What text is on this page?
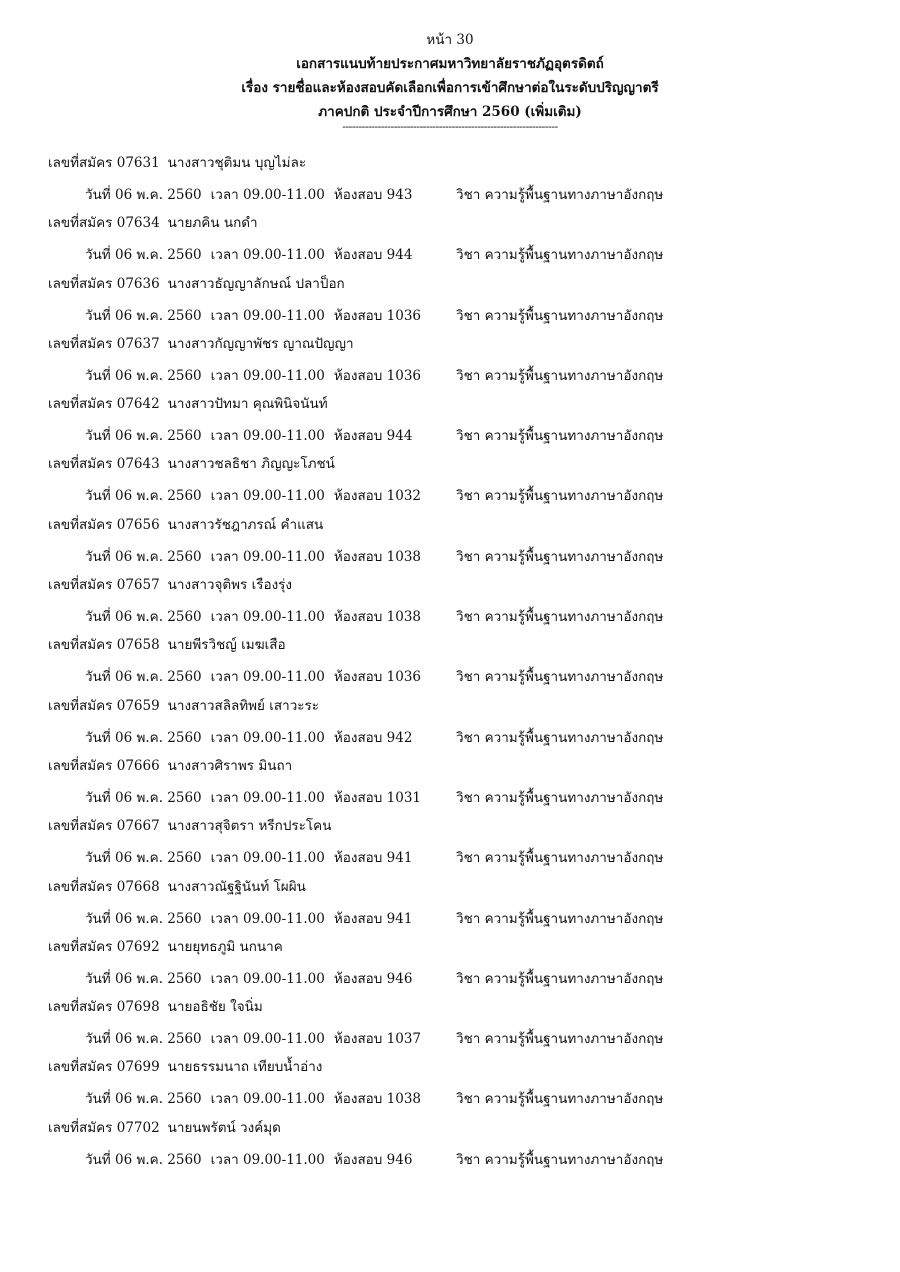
หน้า 30
เอกสารแนบท้ายประกาศมหาวิทยาลัยราชภัฏอุตรดิตถ์
เรื่อง รายชื่อและห้องสอบคัดเลือกเพื่อการเข้าศึกษาต่อในระดับปริญญาตรี
ภาคปกติ ประจำปีการศึกษา 2560 (เพิ่มเติม)
-------------------------------------------------------------------
เลขที่สมัคร 07631 นางสาวชุติมน บุญไม่ละ
วันที่ 06 พ.ค. 2560 เวลา 09.00-11.00 ห้องสอบ 943	วิชา ความรู้พื้นฐานทางภาษาอังกฤษ
เลขที่สมัคร 07634 นายภคิน นกดำ
วันที่ 06 พ.ค. 2560 เวลา 09.00-11.00 ห้องสอบ 944	วิชา ความรู้พื้นฐานทางภาษาอังกฤษ
เลขที่สมัคร 07636 นางสาวธัญญาลักษณ์ ปลาป็อก
วันที่ 06 พ.ค. 2560 เวลา 09.00-11.00 ห้องสอบ 1036	วิชา ความรู้พื้นฐานทางภาษาอังกฤษ
เลขที่สมัคร 07637 นางสาวกัญญาพัชร ญาณปัญญา
วันที่ 06 พ.ค. 2560 เวลา 09.00-11.00 ห้องสอบ 1036	วิชา ความรู้พื้นฐานทางภาษาอังกฤษ
เลขที่สมัคร 07642 นางสาวปัทมา คุณพินิจนันท์
วันที่ 06 พ.ค. 2560 เวลา 09.00-11.00 ห้องสอบ 944	วิชา ความรู้พื้นฐานทางภาษาอังกฤษ
เลขที่สมัคร 07643 นางสาวชลธิชา ภิญญะโภชน์
วันที่ 06 พ.ค. 2560 เวลา 09.00-11.00 ห้องสอบ 1032	วิชา ความรู้พื้นฐานทางภาษาอังกฤษ
เลขที่สมัคร 07656 นางสาวรัชฎาภรณ์ คำแสน
วันที่ 06 พ.ค. 2560 เวลา 09.00-11.00 ห้องสอบ 1038	วิชา ความรู้พื้นฐานทางภาษาอังกฤษ
เลขที่สมัคร 07657 นางสาวจุติพร เรืองรุ่ง
วันที่ 06 พ.ค. 2560 เวลา 09.00-11.00 ห้องสอบ 1038	วิชา ความรู้พื้นฐานทางภาษาอังกฤษ
เลขที่สมัคร 07658 นายพีรวิชญ์ เมฆเสือ
วันที่ 06 พ.ค. 2560 เวลา 09.00-11.00 ห้องสอบ 1036	วิชา ความรู้พื้นฐานทางภาษาอังกฤษ
เลขที่สมัคร 07659 นางสาวสลิลทิพย์ เสาวะระ
วันที่ 06 พ.ค. 2560 เวลา 09.00-11.00 ห้องสอบ 942	วิชา ความรู้พื้นฐานทางภาษาอังกฤษ
เลขที่สมัคร 07666 นางสาวศิราพร มินถา
วันที่ 06 พ.ค. 2560 เวลา 09.00-11.00 ห้องสอบ 1031	วิชา ความรู้พื้นฐานทางภาษาอังกฤษ
เลขที่สมัคร 07667 นางสาวสุจิตรา หรีกประโคน
วันที่ 06 พ.ค. 2560 เวลา 09.00-11.00 ห้องสอบ 941	วิชา ความรู้พื้นฐานทางภาษาอังกฤษ
เลขที่สมัคร 07668 นางสาวณัฐฐินันท์ โผผิน
วันที่ 06 พ.ค. 2560 เวลา 09.00-11.00 ห้องสอบ 941	วิชา ความรู้พื้นฐานทางภาษาอังกฤษ
เลขที่สมัคร 07692 นายยุทธภูมิ นกนาค
วันที่ 06 พ.ค. 2560 เวลา 09.00-11.00 ห้องสอบ 946	วิชา ความรู้พื้นฐานทางภาษาอังกฤษ
เลขที่สมัคร 07698 นายอธิชัย ใจนิ่ม
วันที่ 06 พ.ค. 2560 เวลา 09.00-11.00 ห้องสอบ 1037	วิชา ความรู้พื้นฐานทางภาษาอังกฤษ
เลขที่สมัคร 07699 นายธรรมนาถ เทียบน้ำอ่าง
วันที่ 06 พ.ค. 2560 เวลา 09.00-11.00 ห้องสอบ 1038	วิชา ความรู้พื้นฐานทางภาษาอังกฤษ
เลขที่สมัคร 07702 นายนพรัตน์ วงค์มุด
วันที่ 06 พ.ค. 2560 เวลา 09.00-11.00 ห้องสอบ 946	วิชา ความรู้พื้นฐานทางภาษาอังกฤษ
